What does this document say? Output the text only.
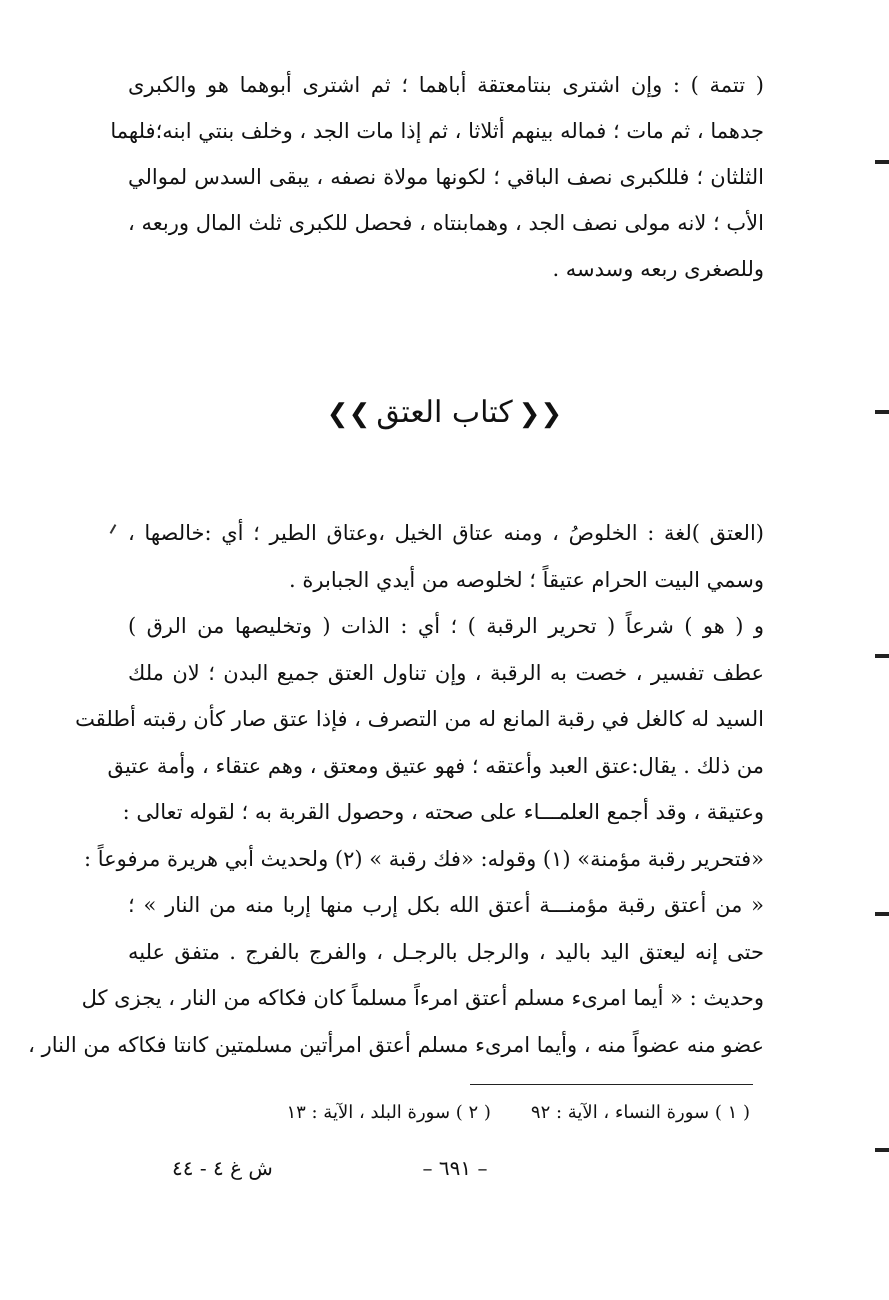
( تتمة ) : وإن اشترى بنتامعتقة أباهما ؛ ثم اشترى أبوهما هو والكبرى
جدهما ، ثم مات ؛ فماله بينهم أثلاثا ، ثم إذا مات الجد ، وخلف بنتي ابنه؛فلهما
الثلثان ؛ فللكبرى نصف الباقي ؛ لكونها مولاة نصفه ، يبقى السدس لموالي
الأب ؛ لانه مولى نصف الجد ، وهمابنتاه ، فحصل للكبرى ثلث المال وربعه ،
وللصغرى ربعه وسدسه .
❮❮كتاب العتق❯❯
(العتق )لغة : الخلوصُ ، ومنه عتاق الخيل ،وعتاق الطير ؛ أي :خالصها ،
وسمي البيت الحرام عتيقاً ؛ لخلوصه من أيدي الجبابرة .
و ( هو ) شرعاً ( تحرير الرقبة ) ؛ أي : الذات ( وتخليصها من الرق )
عطف تفسير ، خصت به الرقبة ، وإن تناول العتق جميع البدن ؛ لان ملك
السيد له كالغل في رقبة المانع له من التصرف ، فإذا عتق صار كأن رقبته أطلقت
من ذلك . يقال:عتق العبد وأعتقه ؛ فهو عتيق ومعتق ، وهم عتقاء ، وأمة عتيق
وعتيقة ، وقد أجمع العلمـــاء على صحته ، وحصول القربة به ؛ لقوله تعالى :
«فتحرير رقبة مؤمنة» (١) وقوله: «فك رقبة » (٢) ولحديث أبي هريرة مرفوعاً :
« من أعتق رقبة مؤمنـــة أعتق الله بكل إرب منها إربا منه من النار » ؛
حتى إنه ليعتق اليد باليد ، والرجل بالرجـل ، والفرج بالفرج . متفق عليه
وحديث : « أيما امرىء مسلم أعتق امرءاً مسلماً كان فكاكه من النار ، يجزى كل
عضو منه عضواً منه ، وأيما امرىء مسلم أعتق امرأتين مسلمتين كانتا فكاكه من النار ،
( ١ ) سورة النساء ، الآية : ٩٢
( ٢ ) سورة البلد ، الآية : ١٣
– ٦٩١ –
ش غ ٤ - ٤٤
